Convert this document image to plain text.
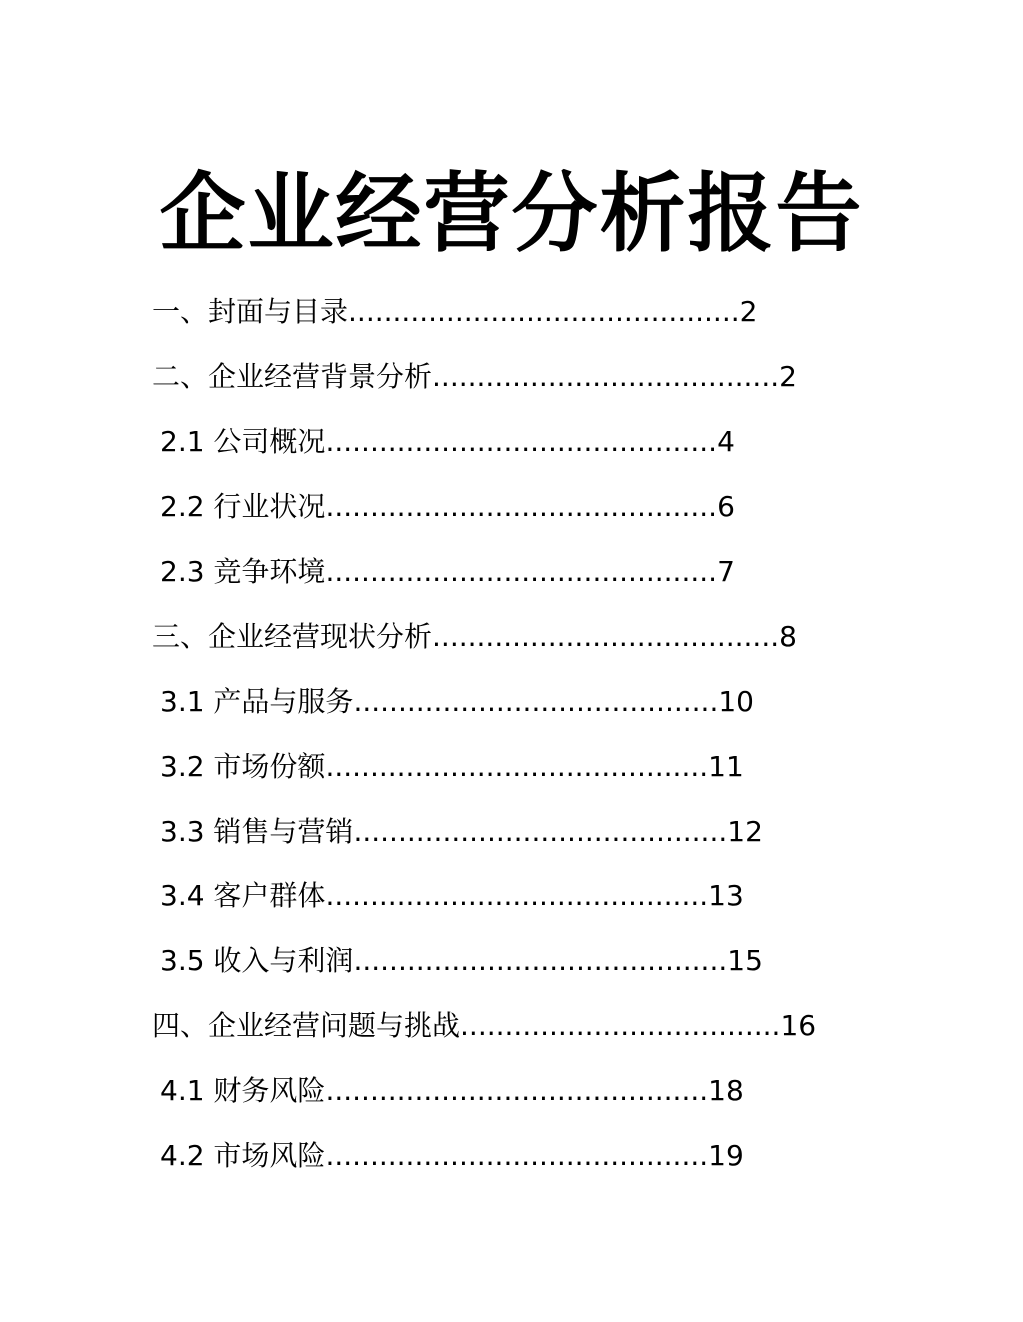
企业经营分析报告
一、封面与目录............................................2
二、企业经营背景分析.......................................2
2.1 公司概况............................................4
2.2 行业状况............................................6
2.3 竞争环境............................................7
三、企业经营现状分析.......................................8
3.1 产品与服务.........................................10
3.2 市场份额...........................................11
3.3 销售与营销..........................................12
3.4 客户群体...........................................13
3.5 收入与利润..........................................15
四、企业经营问题与挑战....................................16
4.1 财务风险...........................................18
4.2 市场风险...........................................19
